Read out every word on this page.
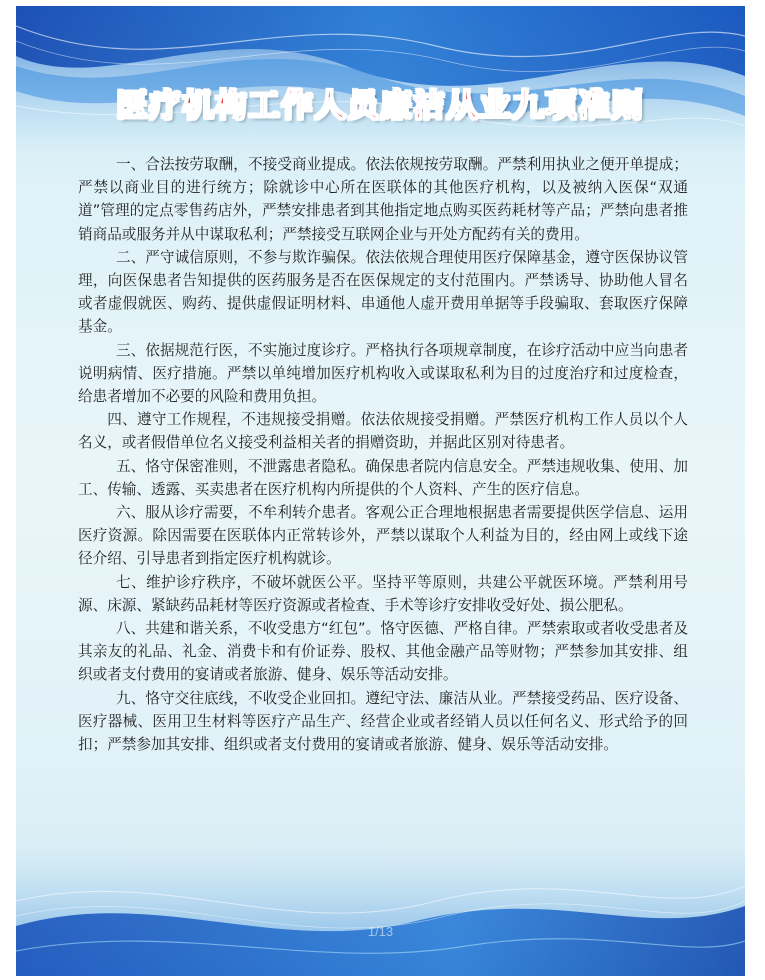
医疗机构工作人员廉洁从业九项准则

一、合法按劳取酬，不接受商业提成。依法依规按劳取酬。严禁利用执业之便开单提成；严禁以商业目的进行统方；除就诊中心所在医联体的其他医疗机构，以及被纳入医保“双通道”管理的定点零售药店外，严禁安排患者到其他指定地点购买医药耗材等产品；严禁向患者推销商品或服务并从中谋取私利；严禁接受互联网企业与开处方配药有关的费用。

二、严守诚信原则，不参与欺诈骗保。依法依规合理使用医疗保障基金，遵守医保协议管理，向医保患者告知提供的医药服务是否在医保规定的支付范围内。严禁诱导、协助他人冒名或者虚假就医、购药、提供虚假证明材料、串通他人虚开费用单据等手段骗取、套取医疗保障基金。

三、依据规范行医，不实施过度诊疗。严格执行各项规章制度，在诊疗活动中应当向患者说明病情、医疗措施。严禁以单纯增加医疗机构收入或谋取私利为目的过度治疗和过度检查，给患者增加不必要的风险和费用负担。

四、遵守工作规程，不违规接受捐赠。依法依规接受捐赠。严禁医疗机构工作人员以个人名义，或者假借单位名义接受利益相关者的捐赠资助，并据此区别对待患者。

五、恪守保密准则，不泄露患者隐私。确保患者院内信息安全。严禁违规收集、使用、加工、传输、透露、买卖患者在医疗机构内所提供的个人资料、产生的医疗信息。

六、服从诊疗需要，不牟利转介患者。客观公正合理地根据患者需要提供医学信息、运用医疗资源。除因需要在医联体内正常转诊外，严禁以谋取个人利益为目的，经由网上或线下途径介绍、引导患者到指定医疗机构就诊。

七、维护诊疗秩序，不破坏就医公平。坚持平等原则，共建公平就医环境。严禁利用号源、床源、紧缺药品耗材等医疗资源或者检查、手术等诊疗安排收受好处、损公肥私。

八、共建和谐关系，不收受患方“红包”。恪守医德、严格自律。严禁索取或者收受患者及其亲友的礼品、礼金、消费卡和有价证券、股权、其他金融产品等财物；严禁参加其安排、组织或者支付费用的宴请或者旅游、健身、娱乐等活动安排。

九、恪守交往底线，不收受企业回扣。遵纪守法、廉洁从业。严禁接受药品、医疗设备、医疗器械、医用卫生材料等医疗产品生产、经营企业或者经销人员以任何名义、形式给予的回扣；严禁参加其安排、组织或者支付费用的宴请或者旅游、健身、娱乐等活动安排。

1/13
